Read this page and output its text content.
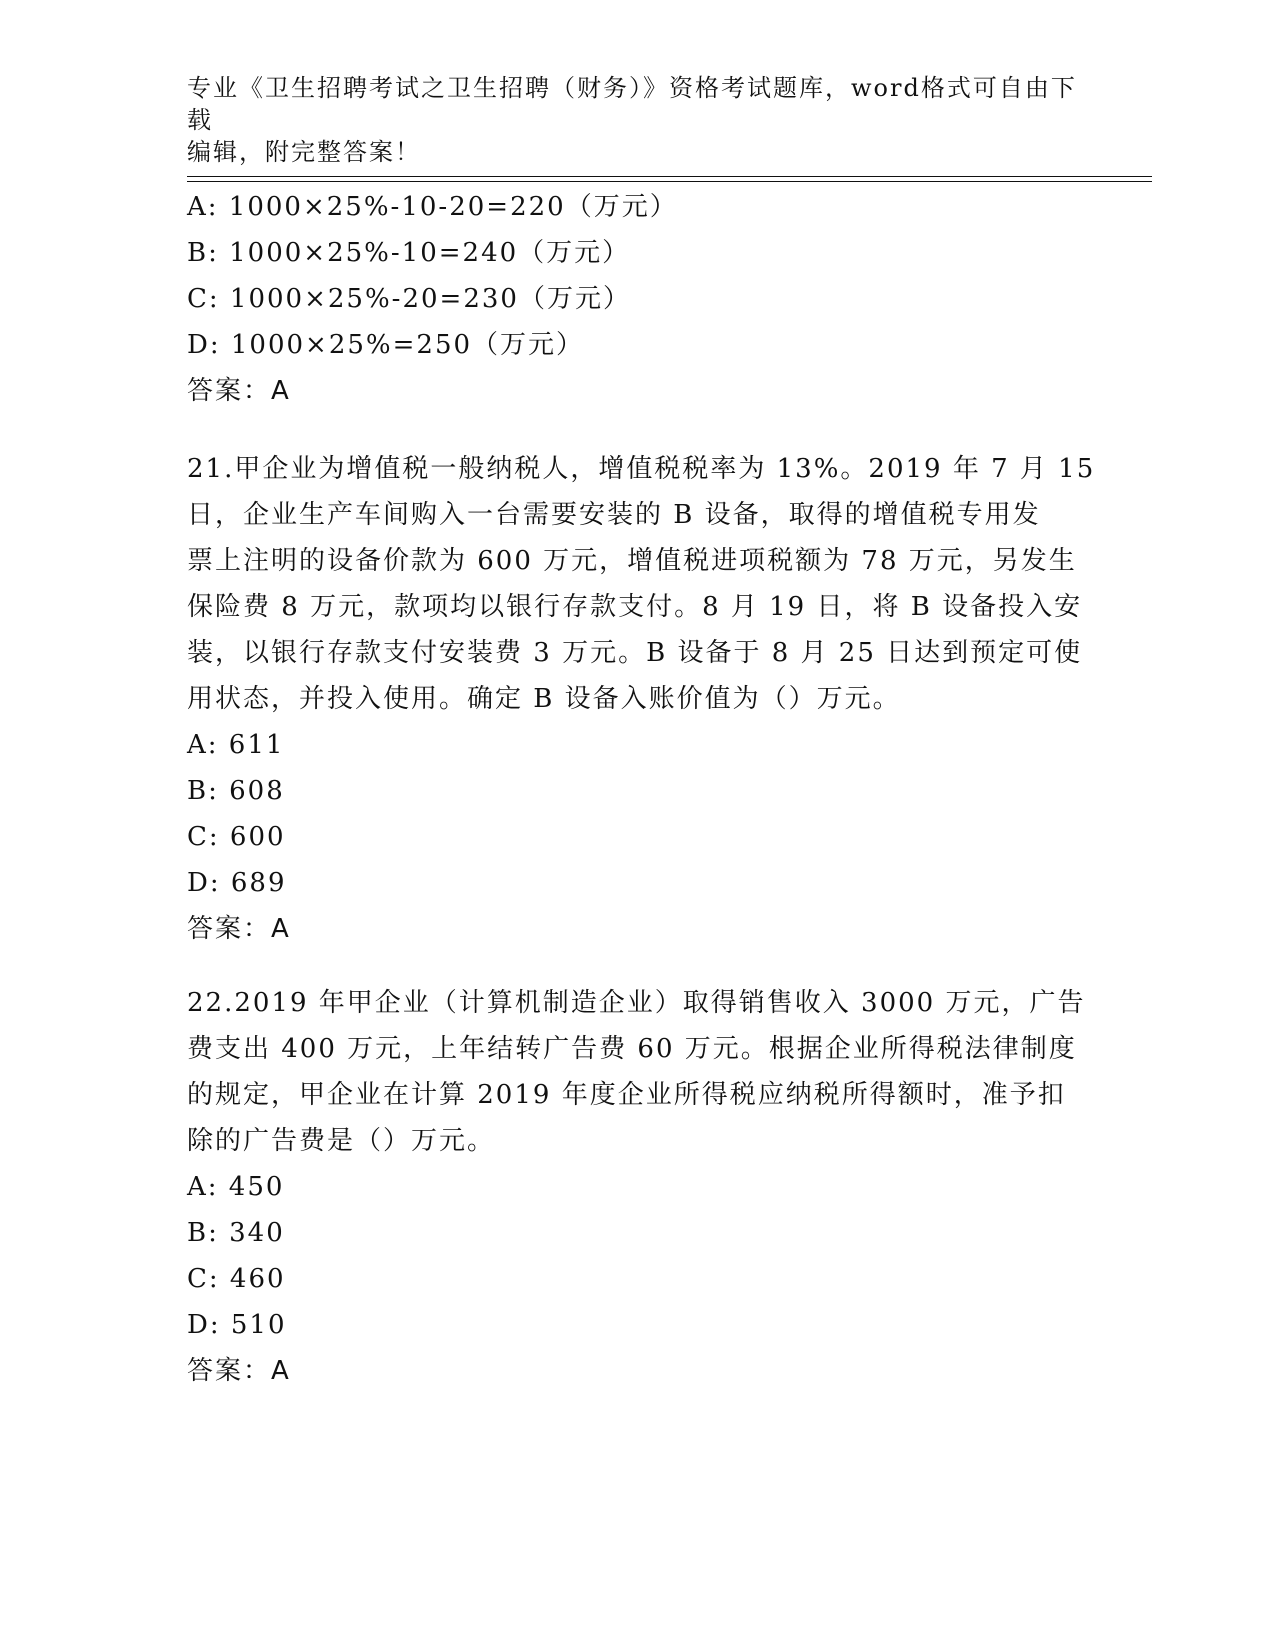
专业《卫生招聘考试之卫生招聘（财务）》资格考试题库，word格式可自由下载
编辑，附完整答案！
A: 1000×25%-10-20=220（万元）
B: 1000×25%-10=240（万元）
C: 1000×25%-20=230（万元）
D: 1000×25%=250（万元）
答案：A
21.甲企业为增值税一般纳税人，增值税税率为 13%。2019 年 7 月 15
日，企业生产车间购入一台需要安装的 B 设备，取得的增值税专用发
票上注明的设备价款为 600 万元，增值税进项税额为 78 万元，另发生
保险费 8 万元，款项均以银行存款支付。8 月 19 日，将 B 设备投入安
装，以银行存款支付安装费 3 万元。B 设备于 8 月 25 日达到预定可使
用状态，并投入使用。确定 B 设备入账价值为（）万元。
A: 611
B: 608
C: 600
D: 689
答案：A
22.2019 年甲企业（计算机制造企业）取得销售收入 3000 万元，广告
费支出 400 万元，上年结转广告费 60 万元。根据企业所得税法律制度
的规定，甲企业在计算 2019 年度企业所得税应纳税所得额时，准予扣
除的广告费是（）万元。
A: 450
B: 340
C: 460
D: 510
答案：A
